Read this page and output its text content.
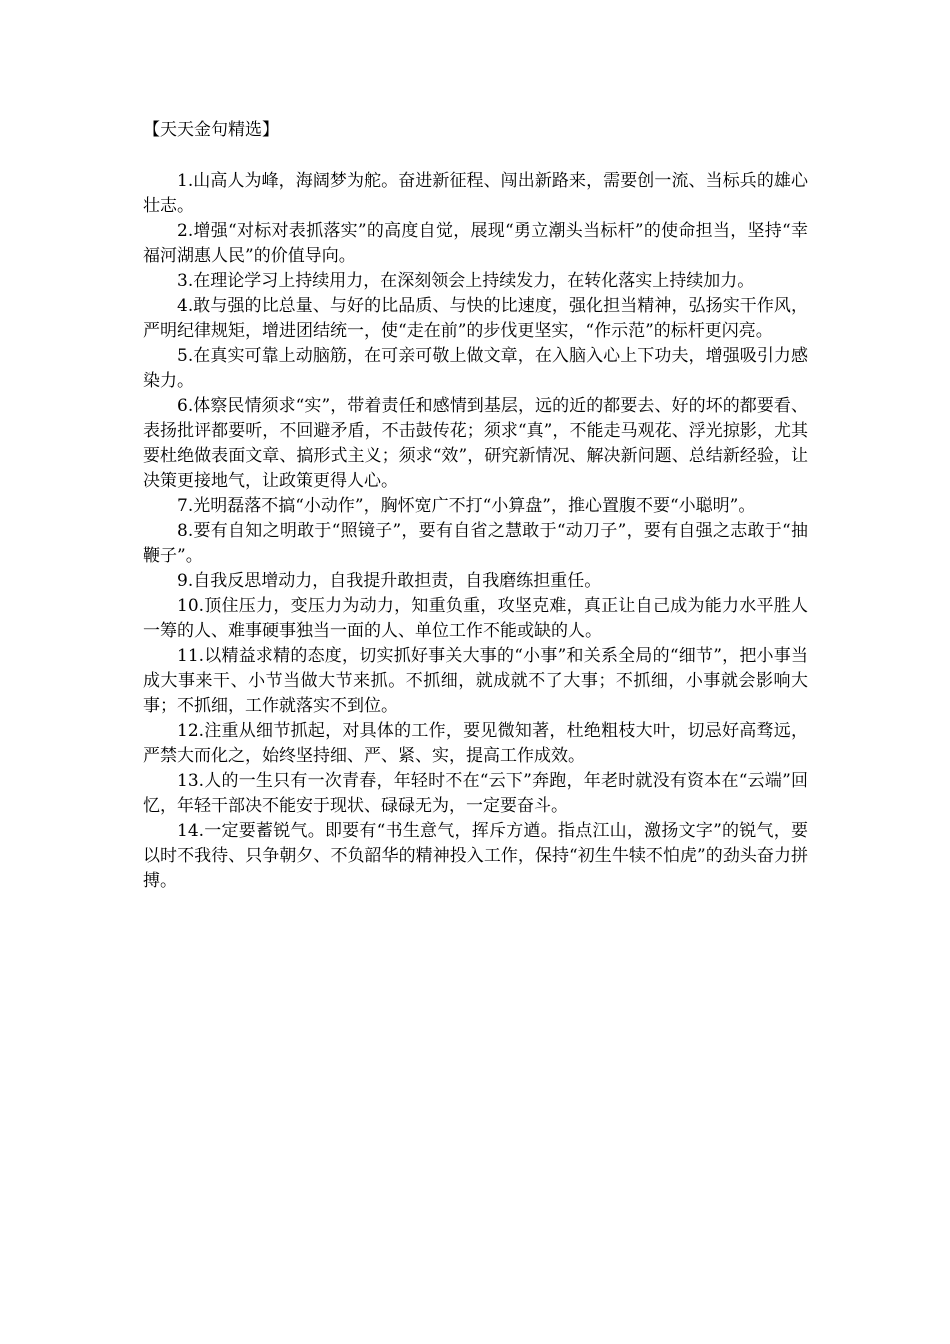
【天天金句精选】

1.山高人为峰，海阔梦为舵。奋进新征程、闯出新路来，需要创一流、当标兵的雄心壮志。

2.增强“对标对表抓落实”的高度自觉，展现“勇立潮头当标杆”的使命担当，坚持“幸福河湖惠人民”的价值导向。

3.在理论学习上持续用力，在深刻领会上持续发力，在转化落实上持续加力。

4.敢与强的比总量、与好的比品质、与快的比速度，强化担当精神，弘扬实干作风，严明纪律规矩，增进团结统一，使“走在前”的步伐更坚实，“作示范”的标杆更闪亮。

5.在真实可靠上动脑筋，在可亲可敬上做文章，在入脑入心上下功夫，增强吸引力感染力。

6.体察民情须求“实”，带着责任和感情到基层，远的近的都要去、好的坏的都要看、表扬批评都要听，不回避矛盾，不击鼓传花；须求“真”，不能走马观花、浮光掠影，尤其要杜绝做表面文章、搞形式主义；须求“效”，研究新情况、解决新问题、总结新经验，让决策更接地气，让政策更得人心。

7.光明磊落不搞“小动作”，胸怀宽广不打“小算盘”，推心置腹不要“小聪明”。

8.要有自知之明敢于“照镜子”，要有自省之慧敢于“动刀子”，要有自强之志敢于“抽鞭子”。

9.自我反思增动力，自我提升敢担责，自我磨练担重任。

10.顶住压力，变压力为动力，知重负重，攻坚克难，真正让自己成为能力水平胜人一筹的人、难事硬事独当一面的人、单位工作不能或缺的人。

11.以精益求精的态度，切实抓好事关大事的“小事”和关系全局的“细节”，把小事当成大事来干、小节当做大节来抓。不抓细，就成就不了大事；不抓细，小事就会影响大事；不抓细，工作就落实不到位。

12.注重从细节抓起，对具体的工作，要见微知著，杜绝粗枝大叶，切忌好高骛远，严禁大而化之，始终坚持细、严、紧、实，提高工作成效。

13.人的一生只有一次青春，年轻时不在“云下”奔跑，年老时就没有资本在“云端”回忆，年轻干部决不能安于现状、碌碌无为，一定要奋斗。

14.一定要蓄锐气。即要有“书生意气，挥斥方遒。指点江山，激扬文字”的锐气，要以时不我待、只争朝夕、不负韶华的精神投入工作，保持“初生牛犊不怕虎”的劲头奋力拼搏。
